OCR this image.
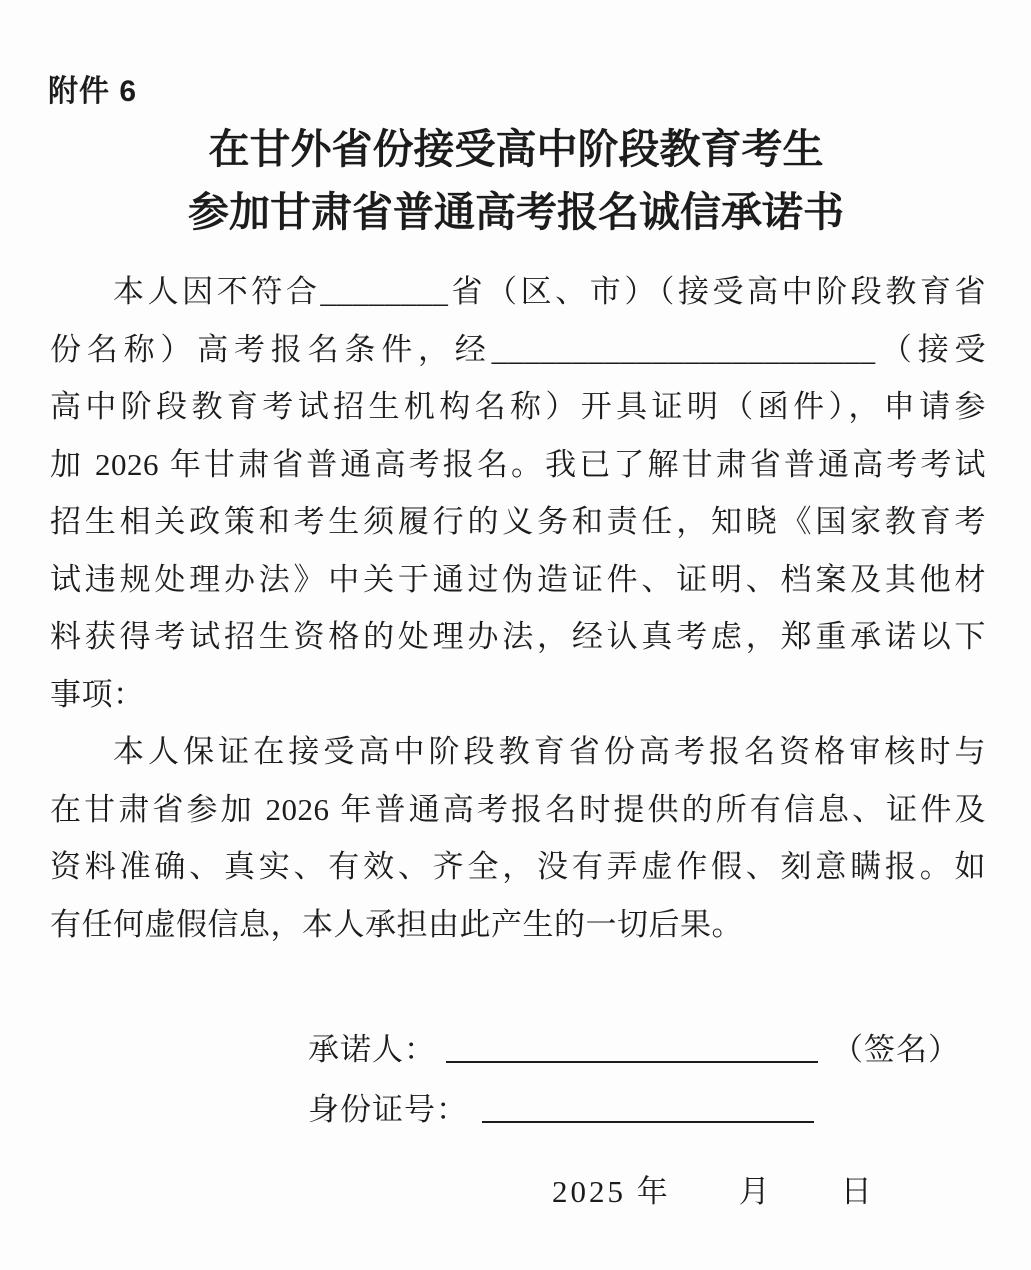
附件 6
在甘外省份接受高中阶段教育考生
参加甘肃省普通高考报名诚信承诺书
本人因不符合________省（区、市）（接受高中阶段教育省
份名称）高考报名条件，经________________________（接受
高中阶段教育考试招生机构名称）开具证明（函件），申请参
加 2026 年甘肃省普通高考报名。我已了解甘肃省普通高考考试
招生相关政策和考生须履行的义务和责任，知晓《国家教育考
试违规处理办法》中关于通过伪造证件、证明、档案及其他材
料获得考试招生资格的处理办法，经认真考虑，郑重承诺以下
事项：
本人保证在接受高中阶段教育省份高考报名资格审核时与
在甘肃省参加 2026 年普通高考报名时提供的所有信息、证件及
资料准确、真实、有效、齐全，没有弄虚作假、刻意瞒报。如
有任何虚假信息，本人承担由此产生的一切后果。
承诺人：	（签名）
身份证号：
2025 年　　月　　日
